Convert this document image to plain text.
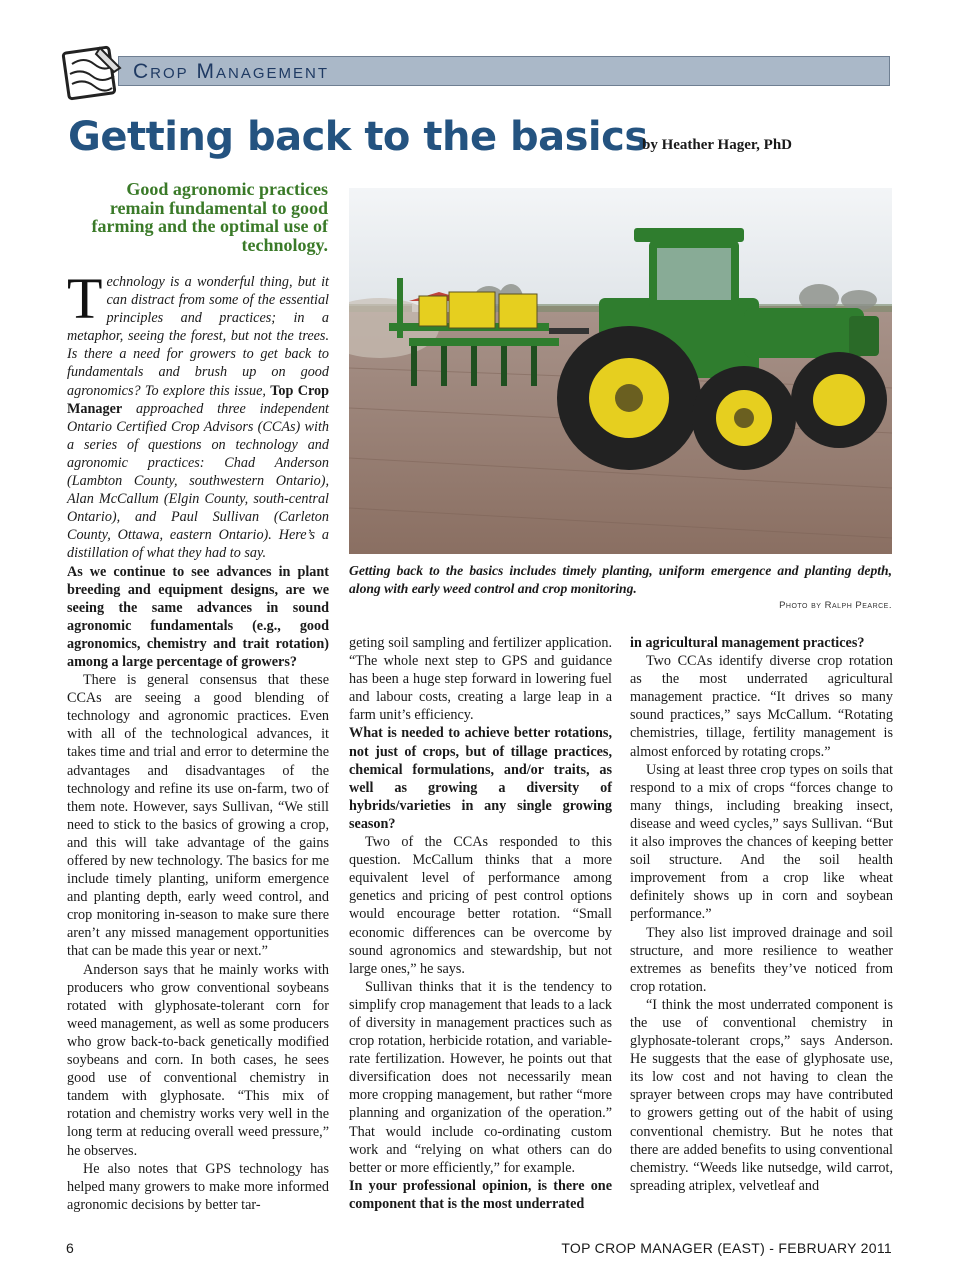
Crop Management
Getting back to the basics
by Heather Hager, PhD
Good agronomic practices remain fundamental to good farming and the optimal use of technology.

Technology is a wonderful thing, but it can distract from some of the essential principles and practices; in a metaphor, seeing the forest, but not the trees. Is there a need for growers to get back to fundamentals and brush up on good agronomics? To explore this issue, Top Crop Manager approached three independent Ontario Certified Crop Advisors (CCAs) with a series of questions on technology and agronomic practices: Chad Anderson (Lambton County, southwestern Ontario), Alan McCallum (Elgin County, south-central Ontario), and Paul Sullivan (Carleton County, Ottawa, eastern Ontario). Here’s a distillation of what they had to say.

As we continue to see advances in plant breeding and equipment designs, are we seeing the same advances in sound agronomic fundamentals (e.g., good agronomics, chemistry and trait rotation) among a large percentage of growers?

There is general consensus that these CCAs are seeing a good blending of technology and agronomic practices. Even with all of the technological advances, it takes time and trial and error to determine the advantages and disadvantages of the technology and refine its use on-farm, two of them note. However, says Sullivan, “We still need to stick to the basics of growing a crop, and this will take advantage of the gains offered by new technology. The basics for me include timely planting, uniform emergence and planting depth, early weed control, and crop monitoring in-season to make sure there aren’t any missed management opportunities that can be made this year or next.”

Anderson says that he mainly works with producers who grow conventional soybeans rotated with glyphosate-tolerant corn for weed management, as well as some producers who grow back-to-back genetically modified soybeans and corn. In both cases, he sees good use of conventional chemistry in tandem with glyphosate. “This mix of rotation and chemistry works very well in the long term at reducing overall weed pressure,” he observes.

He also notes that GPS technology has helped many growers to make more informed agronomic decisions by better tar-

Getting back to the basics includes timely planting, uniform emergence and planting depth, along with early weed control and crop monitoring.
Photo by Ralph Pearce.

geting soil sampling and fertilizer application. “The whole next step to GPS and guidance has been a huge step forward in lowering fuel and labour costs, creating a large leap in a farm unit’s efficiency.

What is needed to achieve better rotations, not just of crops, but of tillage practices, chemical formulations, and/or traits, as well as growing a diversity of hybrids/varieties in any single growing season?

Two of the CCAs responded to this question. McCallum thinks that a more equivalent level of performance among genetics and pricing of pest control options would encourage better rotation. “Small economic differences can be overcome by sound agronomics and stewardship, but not large ones,” he says.

Sullivan thinks that it is the tendency to simplify crop management that leads to a lack of diversity in management practices such as crop rotation, herbicide rotation, and variable-rate fertilization. However, he points out that diversification does not necessarily mean more cropping management, but rather “more planning and organization of the operation.” That would include co-ordinating custom work and “relying on what others can do better or more efficiently,” for example.

In your professional opinion, is there one component that is the most underrated

in agricultural management practices?

Two CCAs identify diverse crop rotation as the most underrated agricultural management practice. “It drives so many sound practices,” says McCallum. “Rotating chemistries, tillage, fertility management is almost enforced by rotating crops.”

Using at least three crop types on soils that respond to a mix of crops “forces change to many things, including breaking insect, disease and weed cycles,” says Sullivan. “But it also improves the chances of keeping better soil structure. And the soil health improvement from a crop like wheat definitely shows up in corn and soybean performance.”

They also list improved drainage and soil structure, and more resilience to weather extremes as benefits they’ve noticed from crop rotation.

“I think the most underrated component is the use of conventional chemistry in glyphosate-tolerant crops,” says Anderson. He suggests that the ease of glyphosate use, its low cost and not having to clean the sprayer between crops may have contributed to growers getting out of the habit of using conventional chemistry. But he notes that there are added benefits to using conventional chemistry. “Weeds like nutsedge, wild carrot, spreading atriplex, velvetleaf and

6	TOP CROP MANAGER (EAST) - FEBRUARY 2011
